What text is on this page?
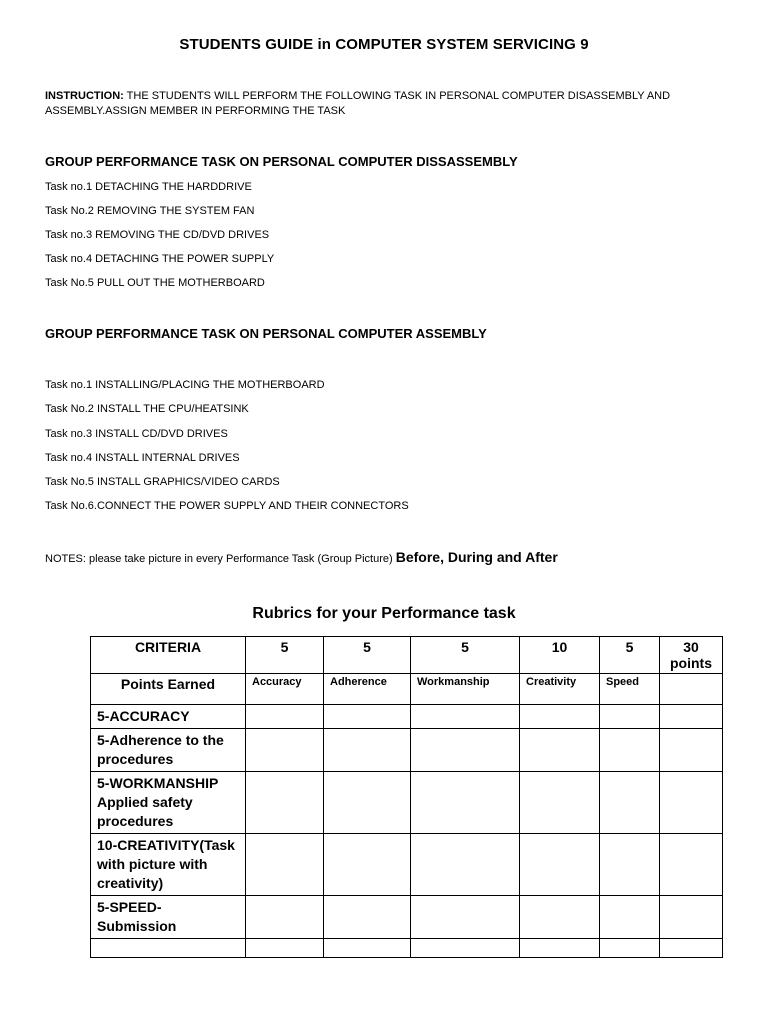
STUDENTS GUIDE in COMPUTER SYSTEM SERVICING 9
INSTRUCTION: THE STUDENTS WILL PERFORM THE FOLLOWING TASK IN PERSONAL COMPUTER DISASSEMBLY AND ASSEMBLY.ASSIGN MEMBER IN PERFORMING THE TASK
GROUP PERFORMANCE TASK ON PERSONAL COMPUTER DISSASSEMBLY
Task no.1 DETACHING THE HARDDRIVE
Task No.2 REMOVING THE SYSTEM FAN
Task no.3 REMOVING THE CD/DVD DRIVES
Task no.4 DETACHING THE POWER SUPPLY
Task No.5 PULL OUT THE MOTHERBOARD
GROUP PERFORMANCE TASK ON PERSONAL COMPUTER ASSEMBLY
Task no.1 INSTALLING/PLACING THE MOTHERBOARD
Task No.2 INSTALL THE CPU/HEATSINK
Task no.3 INSTALL CD/DVD DRIVES
Task no.4 INSTALL INTERNAL DRIVES
Task No.5 INSTALL GRAPHICS/VIDEO CARDS
Task No.6.CONNECT THE POWER SUPPLY AND THEIR CONNECTORS
NOTES: please take picture in every Performance Task (Group Picture) Before, During and After
Rubrics for your Performance task
CRITERIA	5	5	5	10	5	30 points
Points Earned	Accuracy	Adherence	Workmanship	Creativity	Speed	
5-ACCURACY						
5-Adherence to the procedures						
5-WORKMANSHIP Applied safety procedures						
10-CREATIVITY(Task with picture with creativity)						
5-SPEED-Submission						
